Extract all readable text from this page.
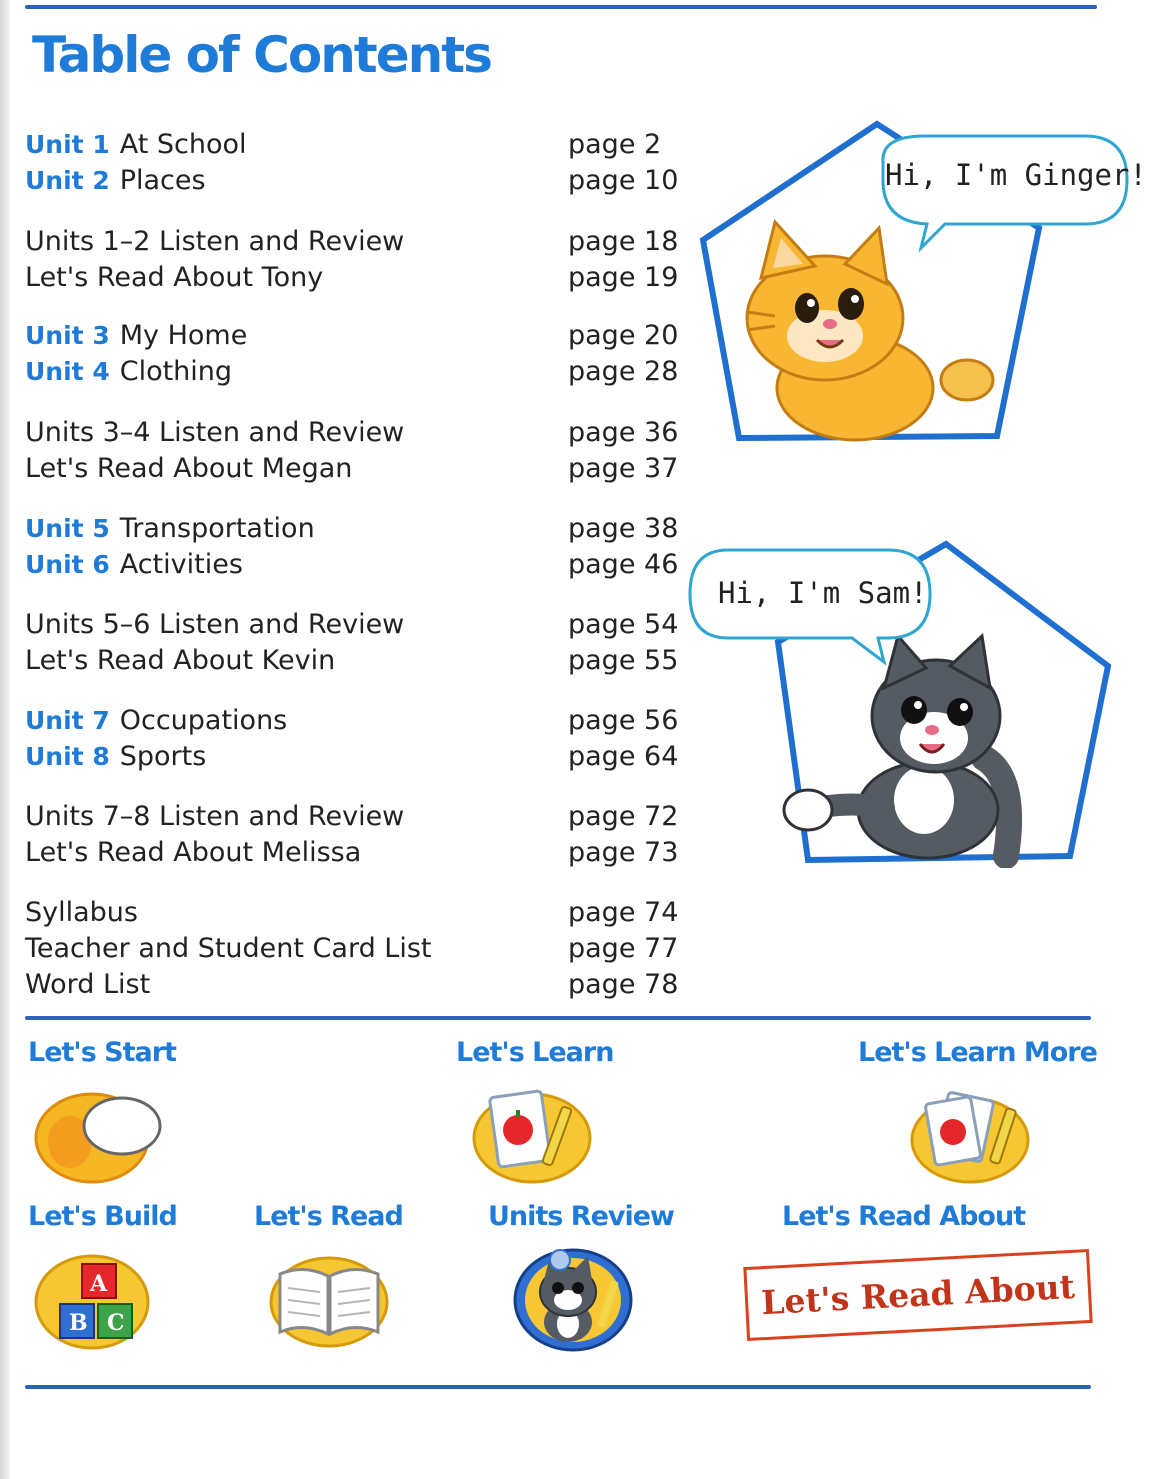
Table of Contents
Unit 1 At School	page 2
Unit 2 Places	page 10
Units 1–2 Listen and Review	page 18
Let's Read About Tony	page 19
Unit 3 My Home	page 20
Unit 4 Clothing	page 28
Units 3–4 Listen and Review	page 36
Let's Read About Megan	page 37
Unit 5 Transportation	page 38
Unit 6 Activities	page 46
Units 5–6 Listen and Review	page 54
Let's Read About Kevin	page 55
Unit 7 Occupations	page 56
Unit 8 Sports	page 64
Units 7–8 Listen and Review	page 72
Let's Read About Melissa	page 73
Syllabus	page 74
Teacher and Student Card List	page 77
Word List	page 78
Hi, I'm Ginger!
Hi, I'm Sam!
Let's Start	Let's Learn	Let's Learn More
Let's Build
A
B C
Let's Read	Units Review	Let's Read About
Let's Read About
